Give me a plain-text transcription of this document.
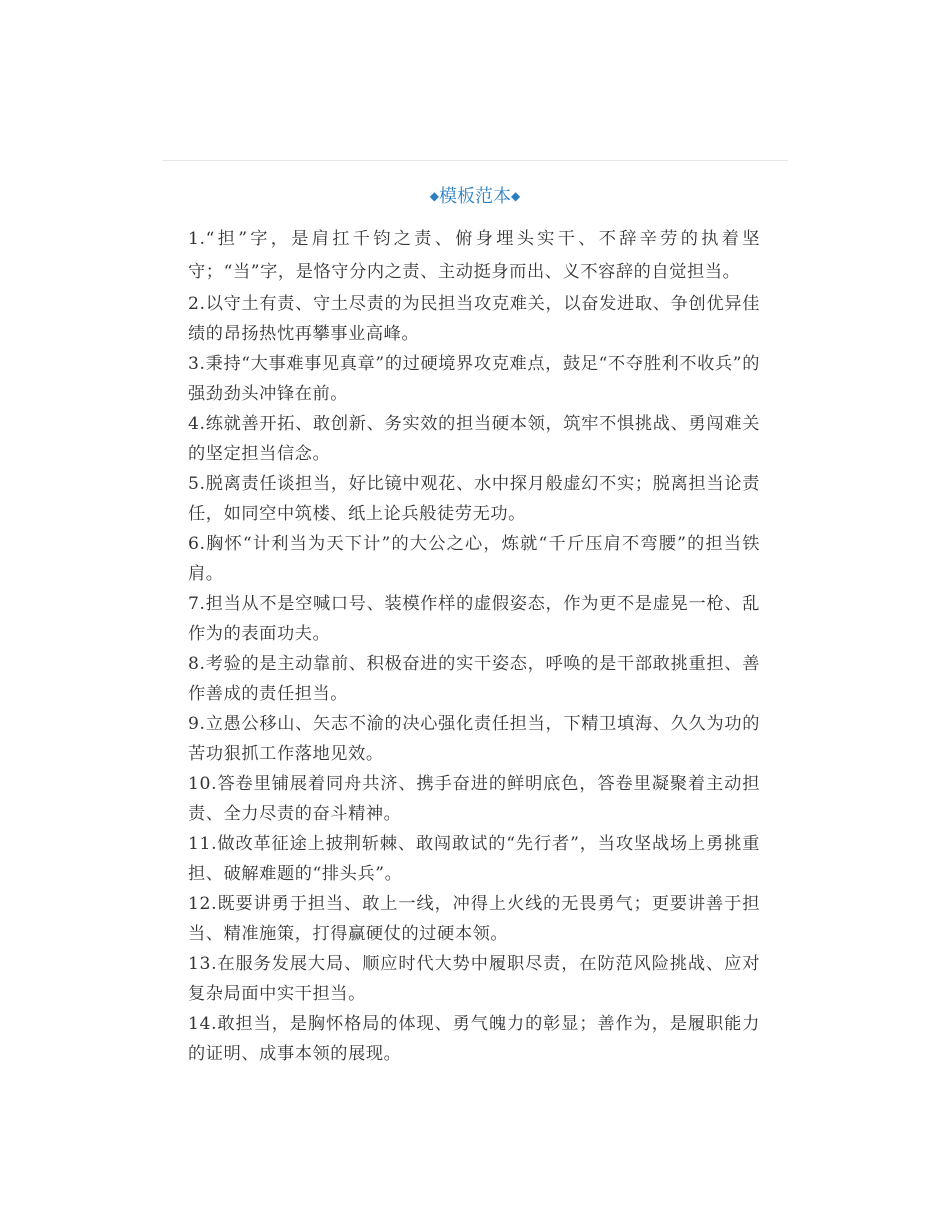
◆模板范本◆

1.“担”字，是肩扛千钧之责、俯身埋头实干、不辞辛劳的执着坚守；“当”字，是恪守分内之责、主动挺身而出、义不容辞的自觉担当。

2.以守土有责、守土尽责的为民担当攻克难关，以奋发进取、争创优异佳绩的昂扬热忱再攀事业高峰。

3.秉持“大事难事见真章”的过硬境界攻克难点，鼓足“不夺胜利不收兵”的强劲劲头冲锋在前。

4.练就善开拓、敢创新、务实效的担当硬本领，筑牢不惧挑战、勇闯难关的坚定担当信念。

5.脱离责任谈担当，好比镜中观花、水中探月般虚幻不实；脱离担当论责任，如同空中筑楼、纸上论兵般徒劳无功。

6.胸怀“计利当为天下计”的大公之心，炼就“千斤压肩不弯腰”的担当铁肩。

7.担当从不是空喊口号、装模作样的虚假姿态，作为更不是虚晃一枪、乱作为的表面功夫。

8.考验的是主动靠前、积极奋进的实干姿态，呼唤的是干部敢挑重担、善作善成的责任担当。

9.立愚公移山、矢志不渝的决心强化责任担当，下精卫填海、久久为功的苦功狠抓工作落地见效。

10.答卷里铺展着同舟共济、携手奋进的鲜明底色，答卷里凝聚着主动担责、全力尽责的奋斗精神。

11.做改革征途上披荆斩棘、敢闯敢试的“先行者”，当攻坚战场上勇挑重担、破解难题的“排头兵”。

12.既要讲勇于担当、敢上一线，冲得上火线的无畏勇气；更要讲善于担当、精准施策，打得赢硬仗的过硬本领。

13.在服务发展大局、顺应时代大势中履职尽责，在防范风险挑战、应对复杂局面中实干担当。

14.敢担当，是胸怀格局的体现、勇气魄力的彰显；善作为，是履职能力的证明、成事本领的展现。
